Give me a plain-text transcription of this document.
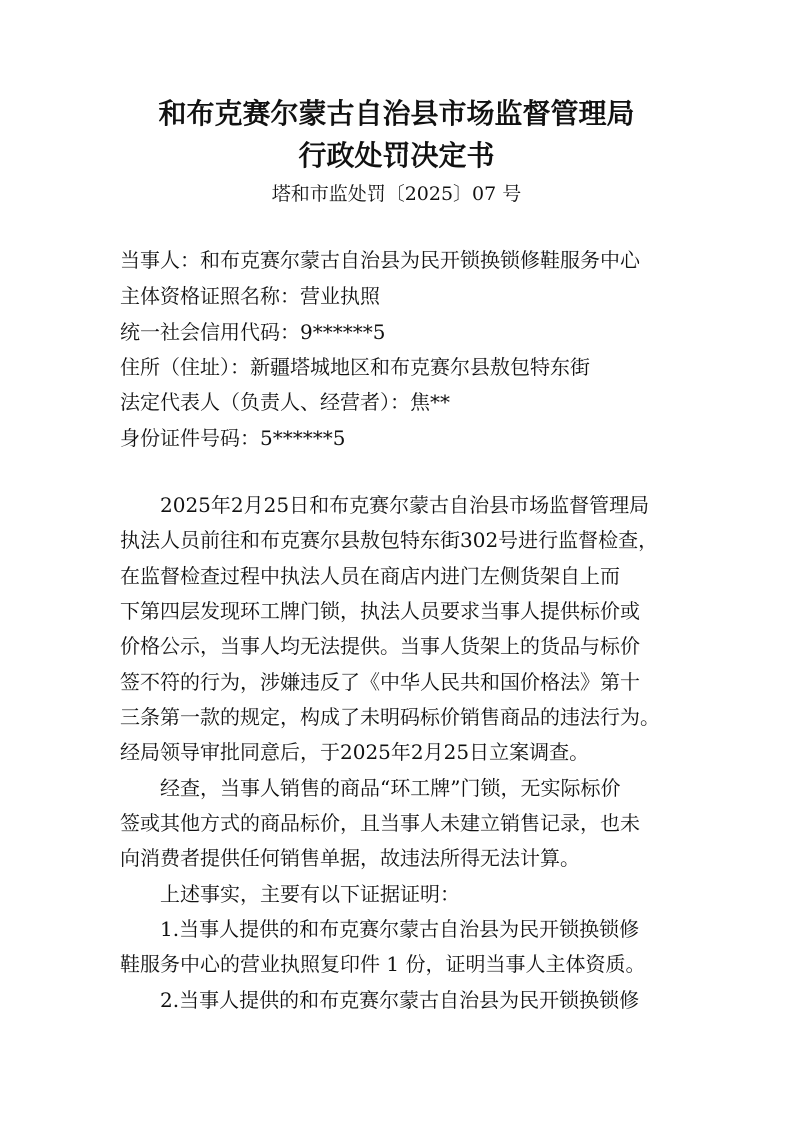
和布克赛尔蒙古自治县市场监督管理局
行政处罚决定书
塔和市监处罚〔2025〕07 号
当事人：和布克赛尔蒙古自治县为民开锁换锁修鞋服务中心
主体资格证照名称：营业执照
统一社会信用代码：9******5
住所（住址）：新疆塔城地区和布克赛尔县敖包特东街
法定代表人（负责人、经营者）：焦**
身份证件号码：5******5
2025年2月25日和布克赛尔蒙古自治县市场监督管理局
执法人员前往和布克赛尔县敖包特东街302号进行监督检查，
在监督检查过程中执法人员在商店内进门左侧货架自上而
下第四层发现环工牌门锁，执法人员要求当事人提供标价或
价格公示，当事人均无法提供。当事人货架上的货品与标价
签不符的行为，涉嫌违反了《中华人民共和国价格法》第十
三条第一款的规定，构成了未明码标价销售商品的违法行为。
经局领导审批同意后，于2025年2月25日立案调查。
经查，当事人销售的商品“环工牌”门锁，无实际标价
签或其他方式的商品标价，且当事人未建立销售记录，也未
向消费者提供任何销售单据，故违法所得无法计算。
上述事实，主要有以下证据证明：
1.当事人提供的和布克赛尔蒙古自治县为民开锁换锁修
鞋服务中心的营业执照复印件 1 份，证明当事人主体资质。
2.当事人提供的和布克赛尔蒙古自治县为民开锁换锁修
